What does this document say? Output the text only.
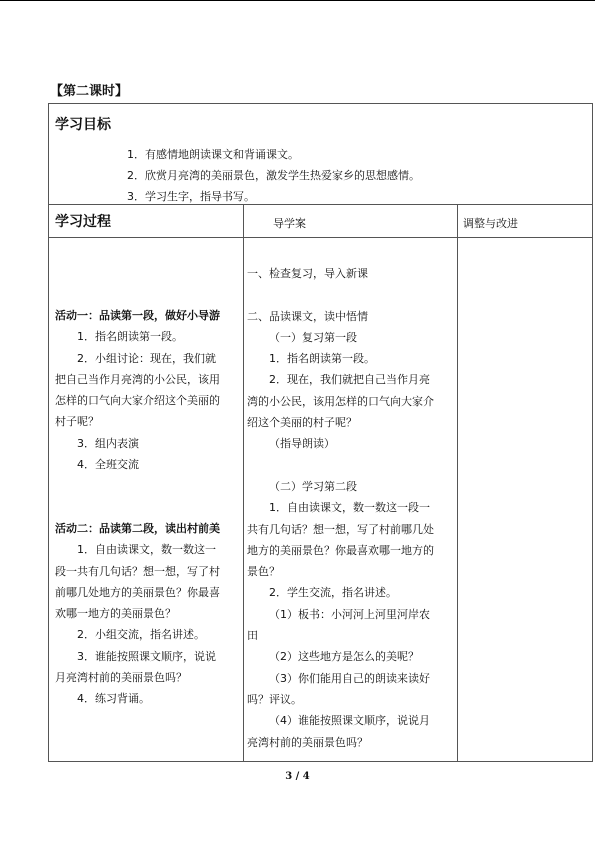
【第二课时】
学习目标
1．有感情地朗读课文和背诵课文。
2．欣赏月亮湾的美丽景色，激发学生热爱家乡的思想感情。
3．学习生字，指导书写。
学习过程	导学案	调整与改进
活动一：品读第一段，做好小导游
1．指名朗读第一段。
2．小组讨论：现在，我们就
把自己当作月亮湾的小公民，该用
怎样的口气向大家介绍这个美丽的
村子呢？
3．组内表演
4．全班交流
活动二：品读第二段，读出村前美
1．自由读课文，数一数这一
段一共有几句话？想一想，写了村
前哪几处地方的美丽景色？你最喜
欢哪一地方的美丽景色？
2．小组交流，指名讲述。
3．谁能按照课文顺序，说说
月亮湾村前的美丽景色吗？
4．练习背诵。
一、检查复习，导入新课
二、品读课文，读中悟情
（一）复习第一段
1．指名朗读第一段。
2．现在，我们就把自己当作月亮
湾的小公民，该用怎样的口气向大家介
绍这个美丽的村子呢？
（指导朗读）
（二）学习第二段
1．自由读课文，数一数这一段一
共有几句话？想一想，写了村前哪几处
地方的美丽景色？你最喜欢哪一地方的
景色？
2．学生交流，指名讲述。
（1）板书：小河河上河里河岸农
田
（2）这些地方是怎么的美呢？
（3）你们能用自己的朗读来读好
吗？评议。
（4）谁能按照课文顺序，说说月
亮湾村前的美丽景色吗？
3 / 4
